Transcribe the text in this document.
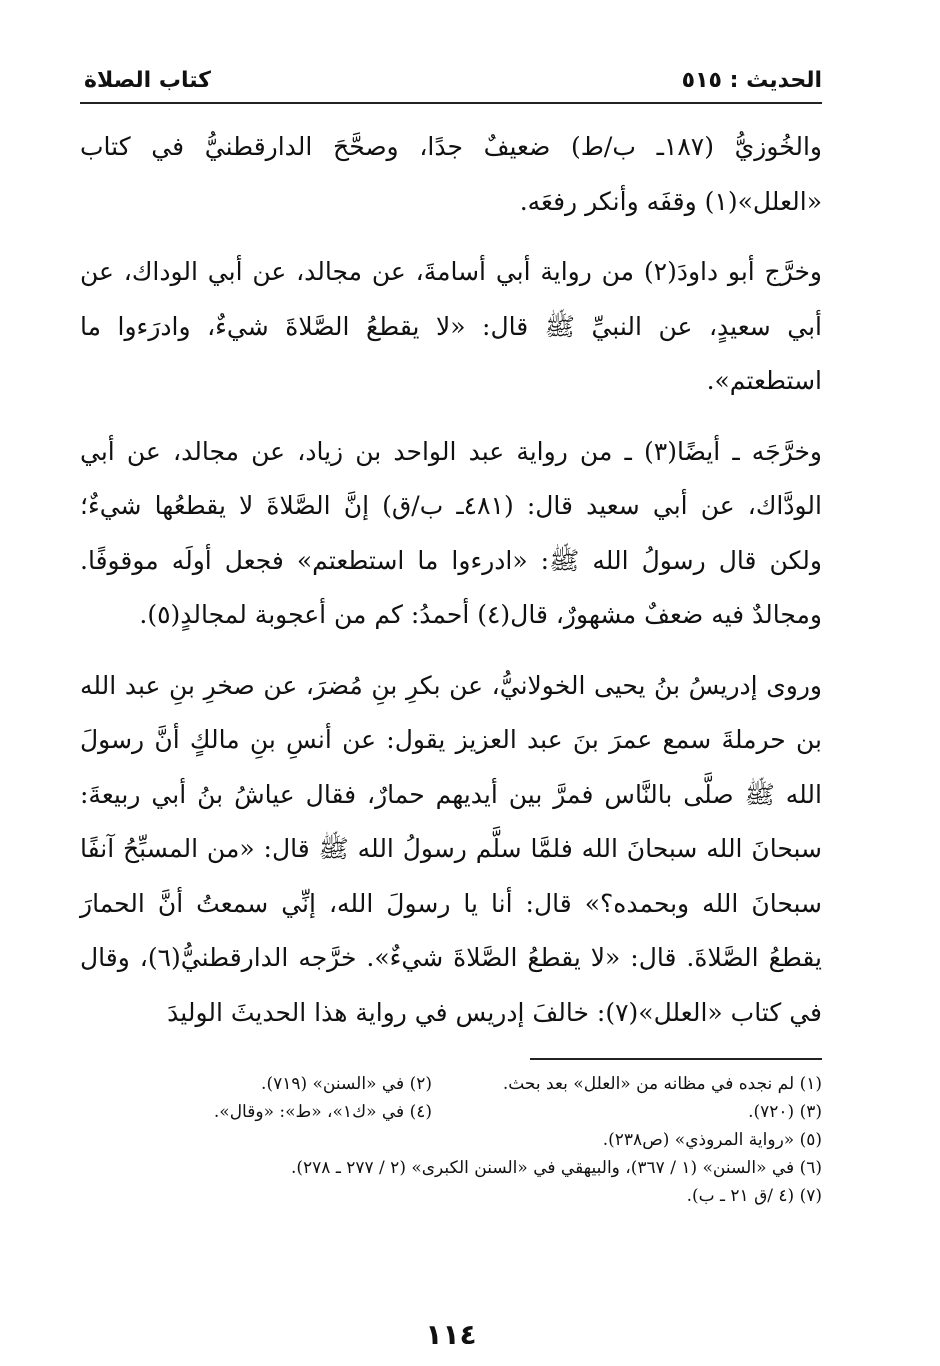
الحديث : ٥١٥
كتاب الصلاة

والخُوزيُّ (١٨٧ـ ب/ط) ضعيفٌ جدًا، وصحَّحَ الدارقطنيُّ في كتاب «العلل»(١) وقفَه وأنكر رفعَه.

وخرَّج أبو داودَ(٢) من رواية أبي أسامةَ، عن مجالد، عن أبي الوداك، عن أبي سعيدٍ، عن النبيِّ ﷺ قال: «لا يقطعُ الصَّلاةَ شيءٌ، وادرَءوا ما استطعتم».

وخرَّجَه ـ أيضًا(٣) ـ من رواية عبد الواحد بن زياد، عن مجالد، عن أبي الودَّاك، عن أبي سعيد قال: (٤٨١ـ ب/ق) إنَّ الصَّلاةَ لا يقطعُها شيءٌ؛ ولكن قال رسولُ الله ﷺ: «ادرءوا ما استطعتم» فجعل أولَه موقوفًا. ومجالدٌ فيه ضعفٌ مشهورٌ، قال(٤) أحمدُ: كم من أعجوبة لمجالدٍ(٥).

وروى إدريسُ بنُ يحيى الخولانيُّ، عن بكرِ بنِ مُضرَ، عن صخرِ بنِ عبد الله بن حرملةَ سمع عمرَ بنَ عبد العزيز يقول: عن أنسِ بنِ مالكٍ أنَّ رسولَ الله ﷺ صلَّى بالنَّاس فمرَّ بين أيديهم حمارٌ، فقال عياشُ بنُ أبي ربيعةَ: سبحانَ الله سبحانَ الله فلمَّا سلَّم رسولُ الله ﷺ قال: «من المسبِّحُ آنفًا سبحانَ الله وبحمده؟» قال: أنا يا رسولَ الله، إنِّي سمعتُ أنَّ الحمارَ يقطعُ الصَّلاةَ. قال: «لا يقطعُ الصَّلاةَ شيءٌ». خرَّجه الدارقطنيُّ(٦)، وقال في كتاب «العلل»(٧): خالفَ إدريس في رواية هذا الحديثَ الوليدَ

(١) لم نجده في مظانه من «العلل» بعد بحث.
(٢) في «السنن» (٧١٩).
(٣) (٧٢٠).
(٤) في «ك١»، «ط»: «وقال».
(٥) «رواية المروذي» (ص٢٣٨).
(٦) في «السنن» (١ / ٣٦٧)، والبيهقي في «السنن الكبرى» (٢ / ٢٧٧ ـ ٢٧٨).
(٧) (٤ /ق ٢١ ـ ب).
١١٤
